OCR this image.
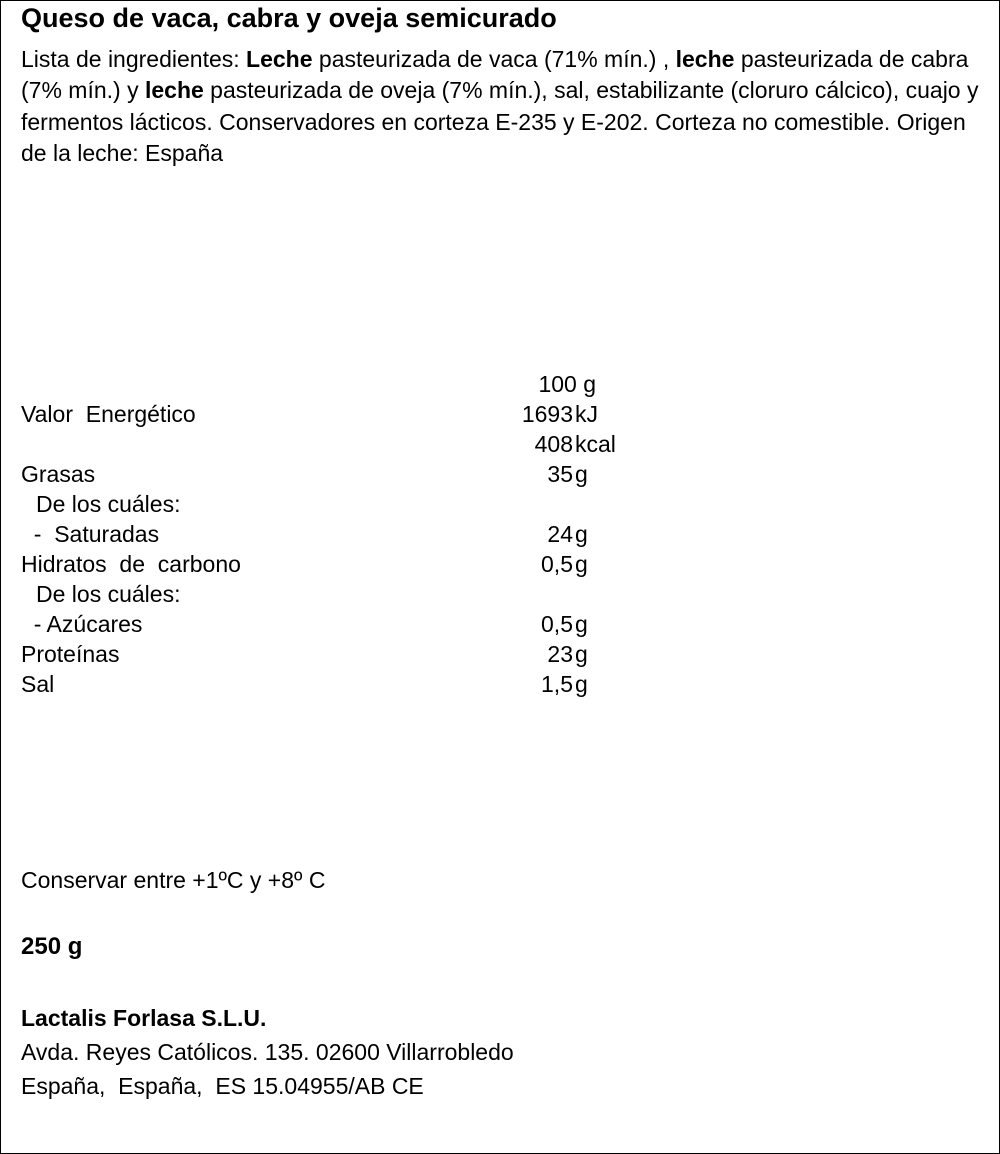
Queso de vaca, cabra y oveja semicurado
Lista de ingredientes: Leche pasteurizada de vaca (71% mín.) , leche pasteurizada de cabra (7% mín.) y leche pasteurizada de oveja (7% mín.), sal, estabilizante (cloruro cálcico), cuajo y fermentos lácticos. Conservadores en corteza E-235 y E-202. Corteza no comestible. Origen de la leche: España
100 g
Valor  Energético	1693 kJ
408 kcal
Grasas	35 g
De los cuáles:
-  Saturadas	24 g
Hidratos  de  carbono	0,5 g
De los cuáles:
- Azúcares	0,5 g
Proteínas	23 g
Sal	1,5 g
Conservar entre +1ºC y +8º C
250 g
Lactalis Forlasa S.L.U.
Avda. Reyes Católicos. 135. 02600 Villarrobledo
España,  España,  ES 15.04955/AB CE
